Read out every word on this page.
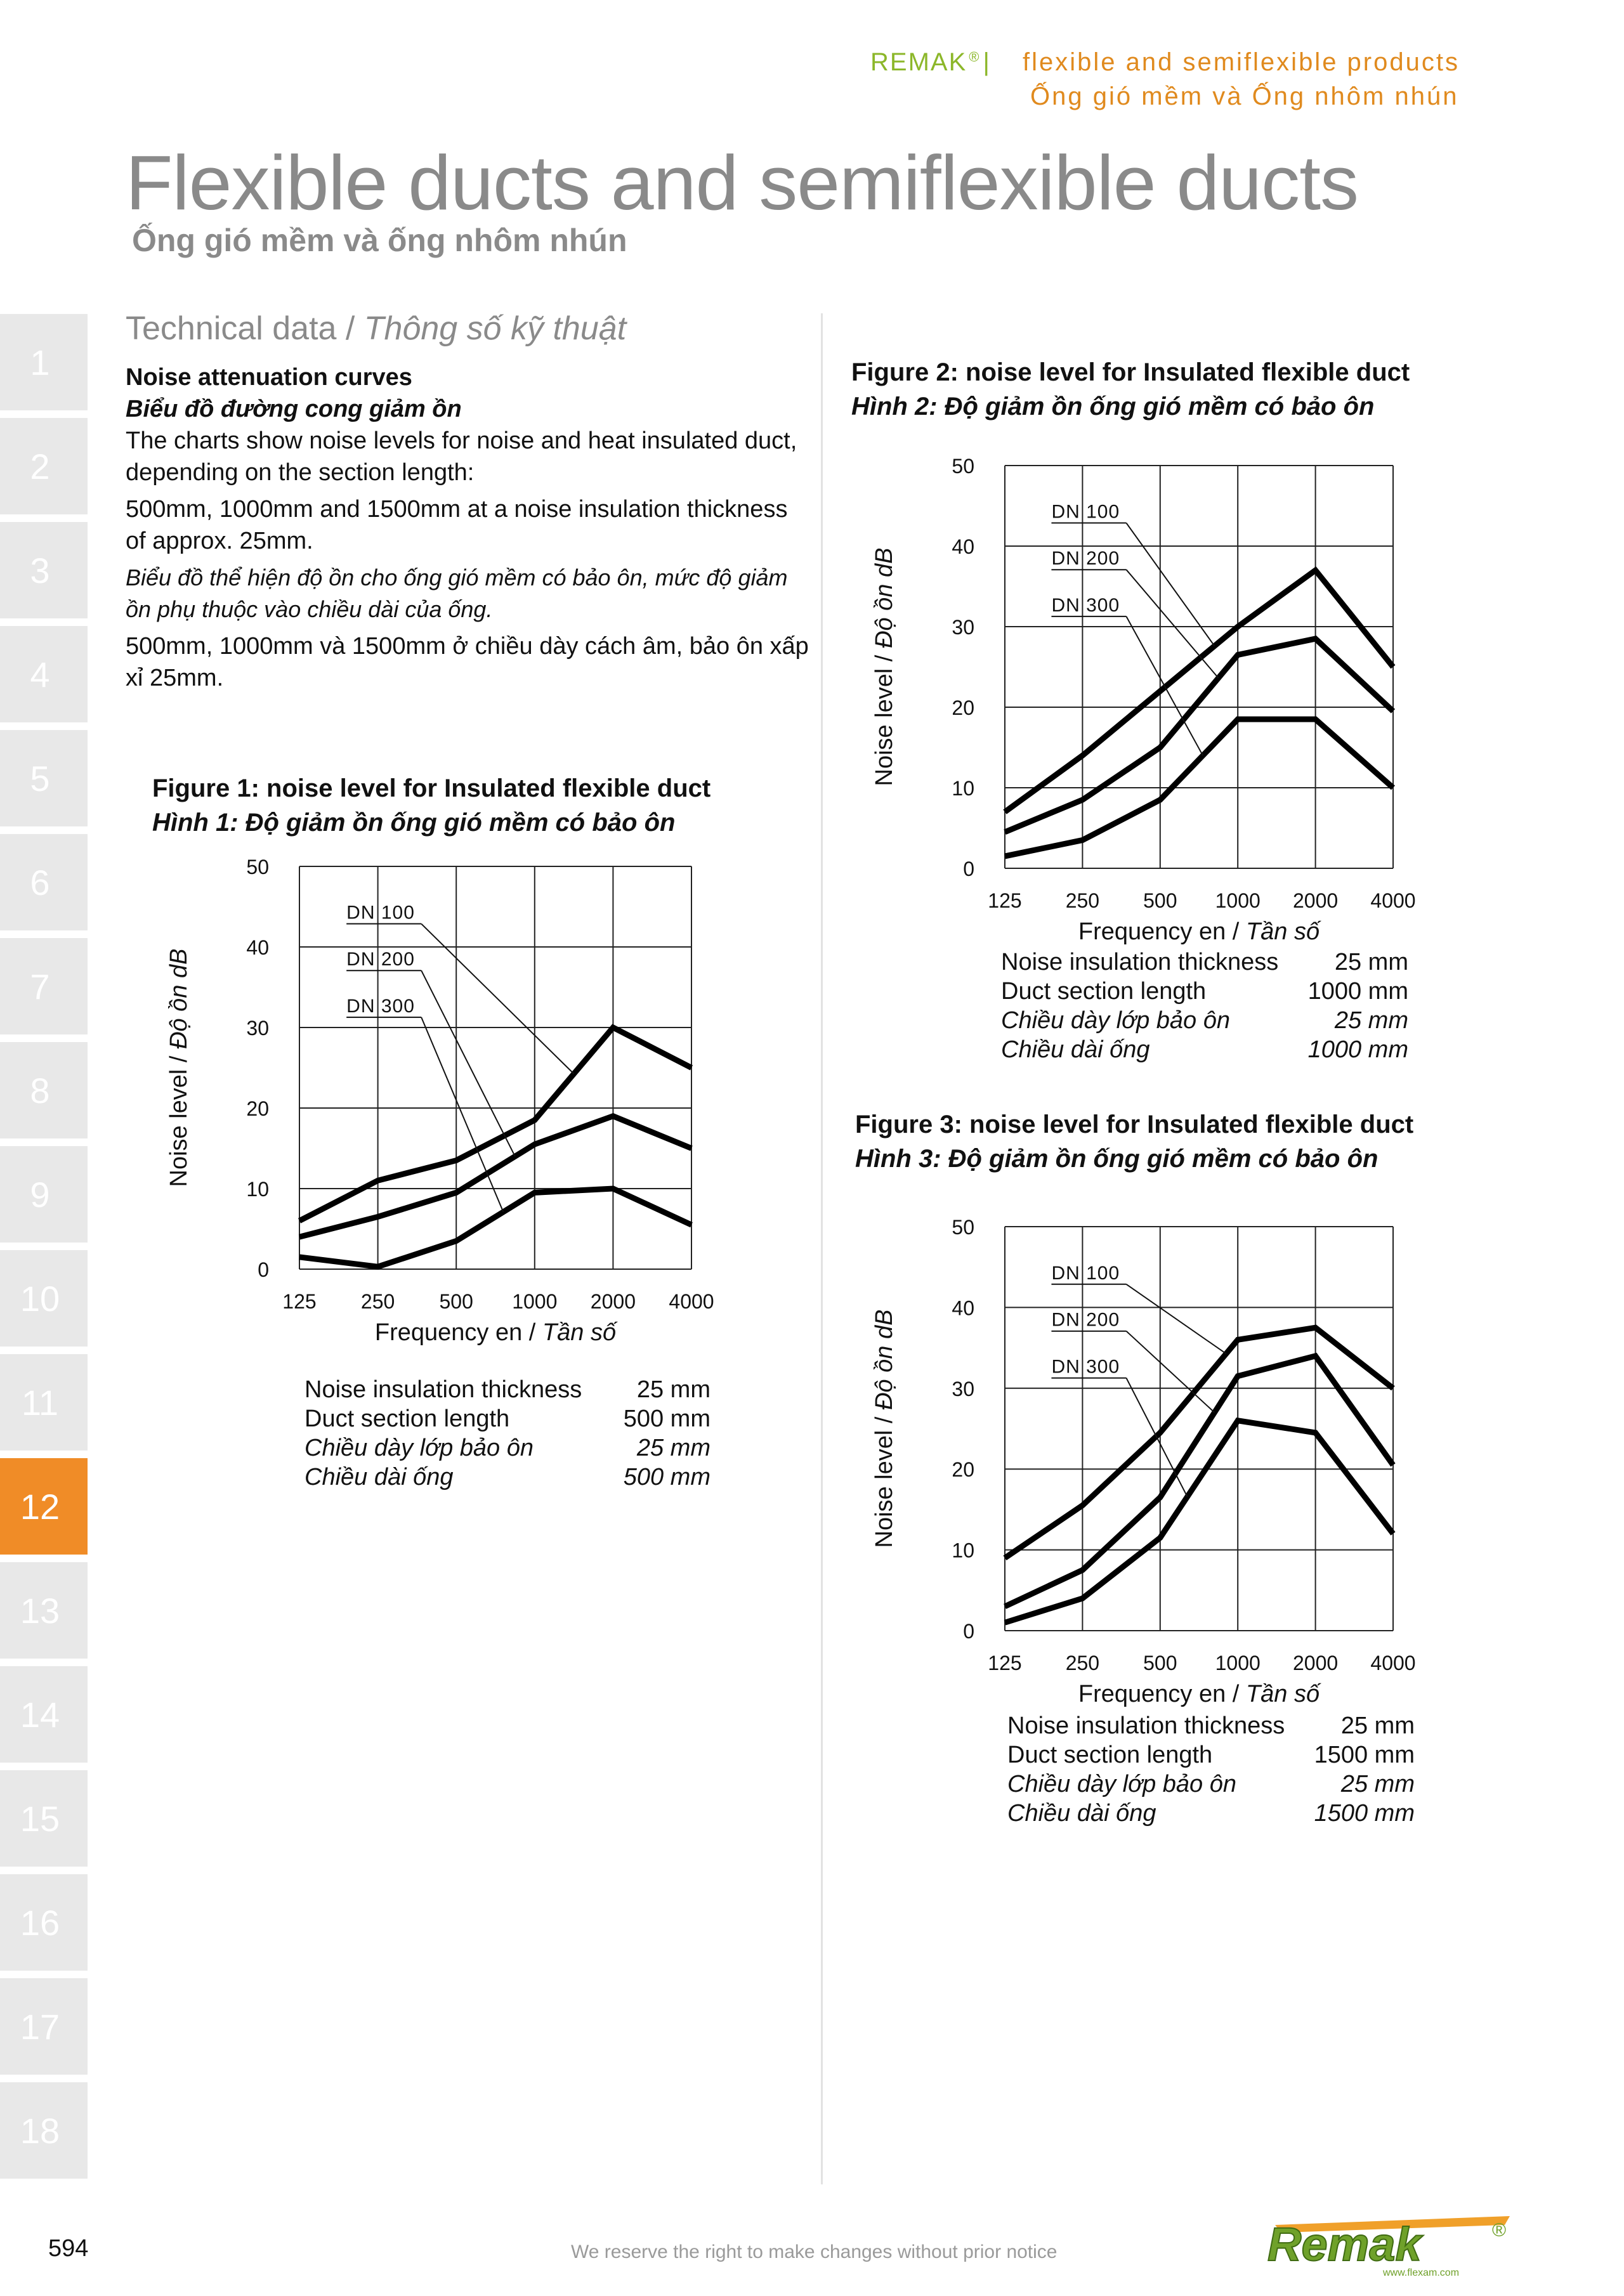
REMAK ® | flexible and semiflexible products
Ống gió mềm và Ống nhôm nhún
Flexible ducts and semiflexible ducts
Ống gió mềm và ống nhôm nhún
Technical data / Thông số kỹ thuật
1
2
3
4
5
6
7
8
9
10
11
12
13
14
15
16
17
18

Noise attenuation curves

Biểu đồ đường cong giảm ồn

The charts show noise levels for noise and heat insulated duct, depending on the section length:

500mm, 1000mm and 1500mm at a noise insulation thickness of approx. 25mm.

Biểu đồ thể hiện độ ồn cho ống gió mềm có bảo ôn, mức độ giảm ồn phụ thuộc vào chiều dài của ống.

500mm, 1000mm và 1500mm ở chiều dày cách âm, bảo ôn xấp xỉ 25mm.

Figure 1: noise level for Insulated flexible duct
Hình 1: Độ giảm ồn ống gió mềm có bảo ôn
0
10
20
30
40
50
125 250 500 1000 2000 4000
Frequency en / Tần số
Noise level / Độ ồn dB
DN 100
DN 200
DN 300
Noise insulation thickness 25 mm
Duct section length	500 mm
Chiều dày lớp bảo ôn	25 mm
Chiều dài ống	500 mm
Figure 2: noise level for Insulated flexible duct
Hình 2: Độ giảm ồn ống gió mềm có bảo ôn
0
10
20
30
40
50
125 250 500 1000 2000 4000
Frequency en / Tần số
Noise level / Độ ồn dB
DN 100
DN 200
DN 300
Noise insulation thickness 25 mm
Duct section length	1000 mm
Chiều dày lớp bảo ôn	25 mm
Chiều dài ống	1000 mm
Figure 3: noise level for Insulated flexible duct
Hình 3: Độ giảm ồn ống gió mềm có bảo ôn
0
10
20
30
40
50
125 250 500 1000 2000 4000
Frequency en / Tần số
Noise level / Độ ồn dB
DN 100
DN 200
DN 300
Noise insulation thickness 25 mm
Duct section length	1500 mm
Chiều dày lớp bảo ôn	25 mm
Chiều dài ống	1500 mm
594	We reserve the right to make changes without prior notice	Remak	®
www.flexam.com
